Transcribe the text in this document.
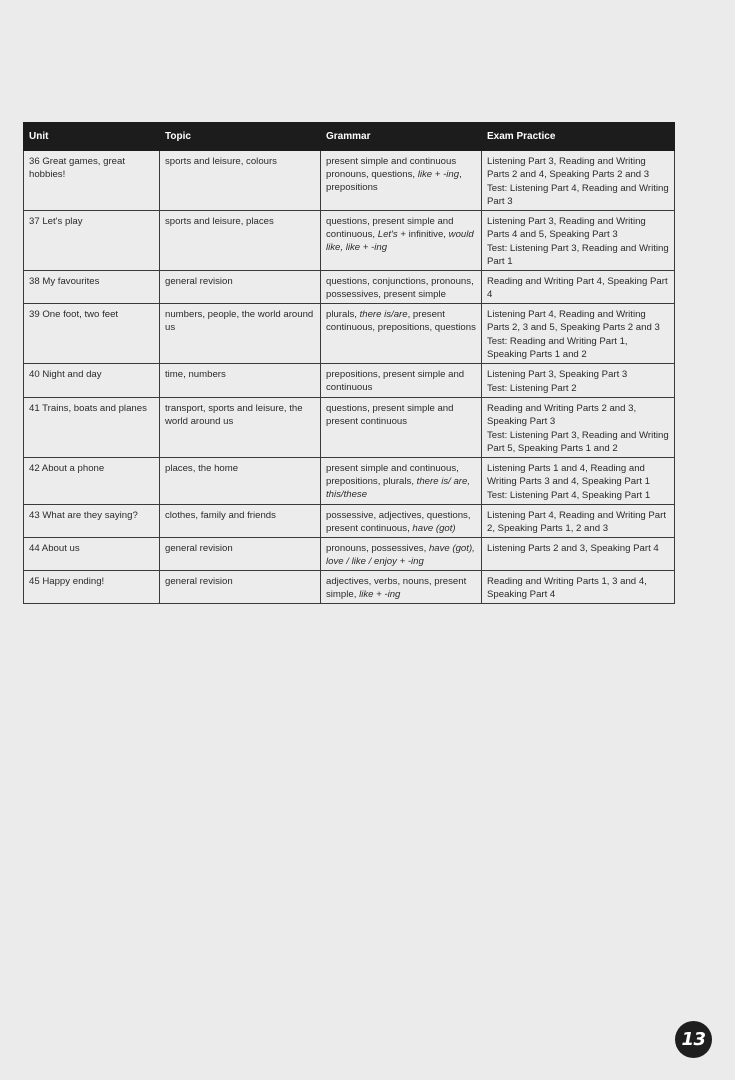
Unit	Topic	Grammar	Exam Practice
36 Great games, great hobbies!	sports and leisure, colours	present simple and continuous pronouns, questions, like + -ing, prepositions	Listening Part 3, Reading and Writing Parts 2 and 4, Speaking Parts 2 and 3
Test: Listening Part 4, Reading and Writing Part 3

37 Let's play	sports and leisure, places	questions, present simple and continuous, Let's + infinitive, would like, like + -ing	Listening Part 3, Reading and Writing Parts 4 and 5, Speaking Part 3
Test: Listening Part 3, Reading and Writing Part 1

38 My favourites	general revision	questions, conjunctions, pronouns, possessives, present simple	Reading and Writing Part 4, Speaking Part 4

39 One foot, two feet	numbers, people, the world around us	plurals, there is/are, present continuous, prepositions, questions	Listening Part 4, Reading and Writing Parts 2, 3 and 5, Speaking Parts 2 and 3
Test: Reading and Writing Part 1, Speaking Parts 1 and 2

40 Night and day	time, numbers	prepositions, present simple and continuous	Listening Part 3, Speaking Part 3
Test: Listening Part 2

41 Trains, boats and planes	transport, sports and leisure, the world around us	questions, present simple and present continuous	Reading and Writing Parts 2 and 3, Speaking Part 3
Test: Listening Part 3, Reading and Writing Part 5, Speaking Parts 1 and 2

42 About a phone	places, the home	present simple and continuous, prepositions, plurals, there is/ are, this/these	Listening Parts 1 and 4, Reading and Writing Parts 3 and 4, Speaking Part 1
Test: Listening Part 4, Speaking Part 1

43 What are they saying?	clothes, family and friends	possessive, adjectives, questions, present continuous, have (got)	Listening Part 4, Reading and Writing Part 2, Speaking Parts 1, 2 and 3

44 About us	general revision	pronouns, possessives, have (got), love / like / enjoy + -ing	Listening Parts 2 and 3, Speaking Part 4

45 Happy ending!	general revision	adjectives, verbs, nouns, present simple, like + -ing	Reading and Writing Parts 1, 3 and 4, Speaking Part 4
13
